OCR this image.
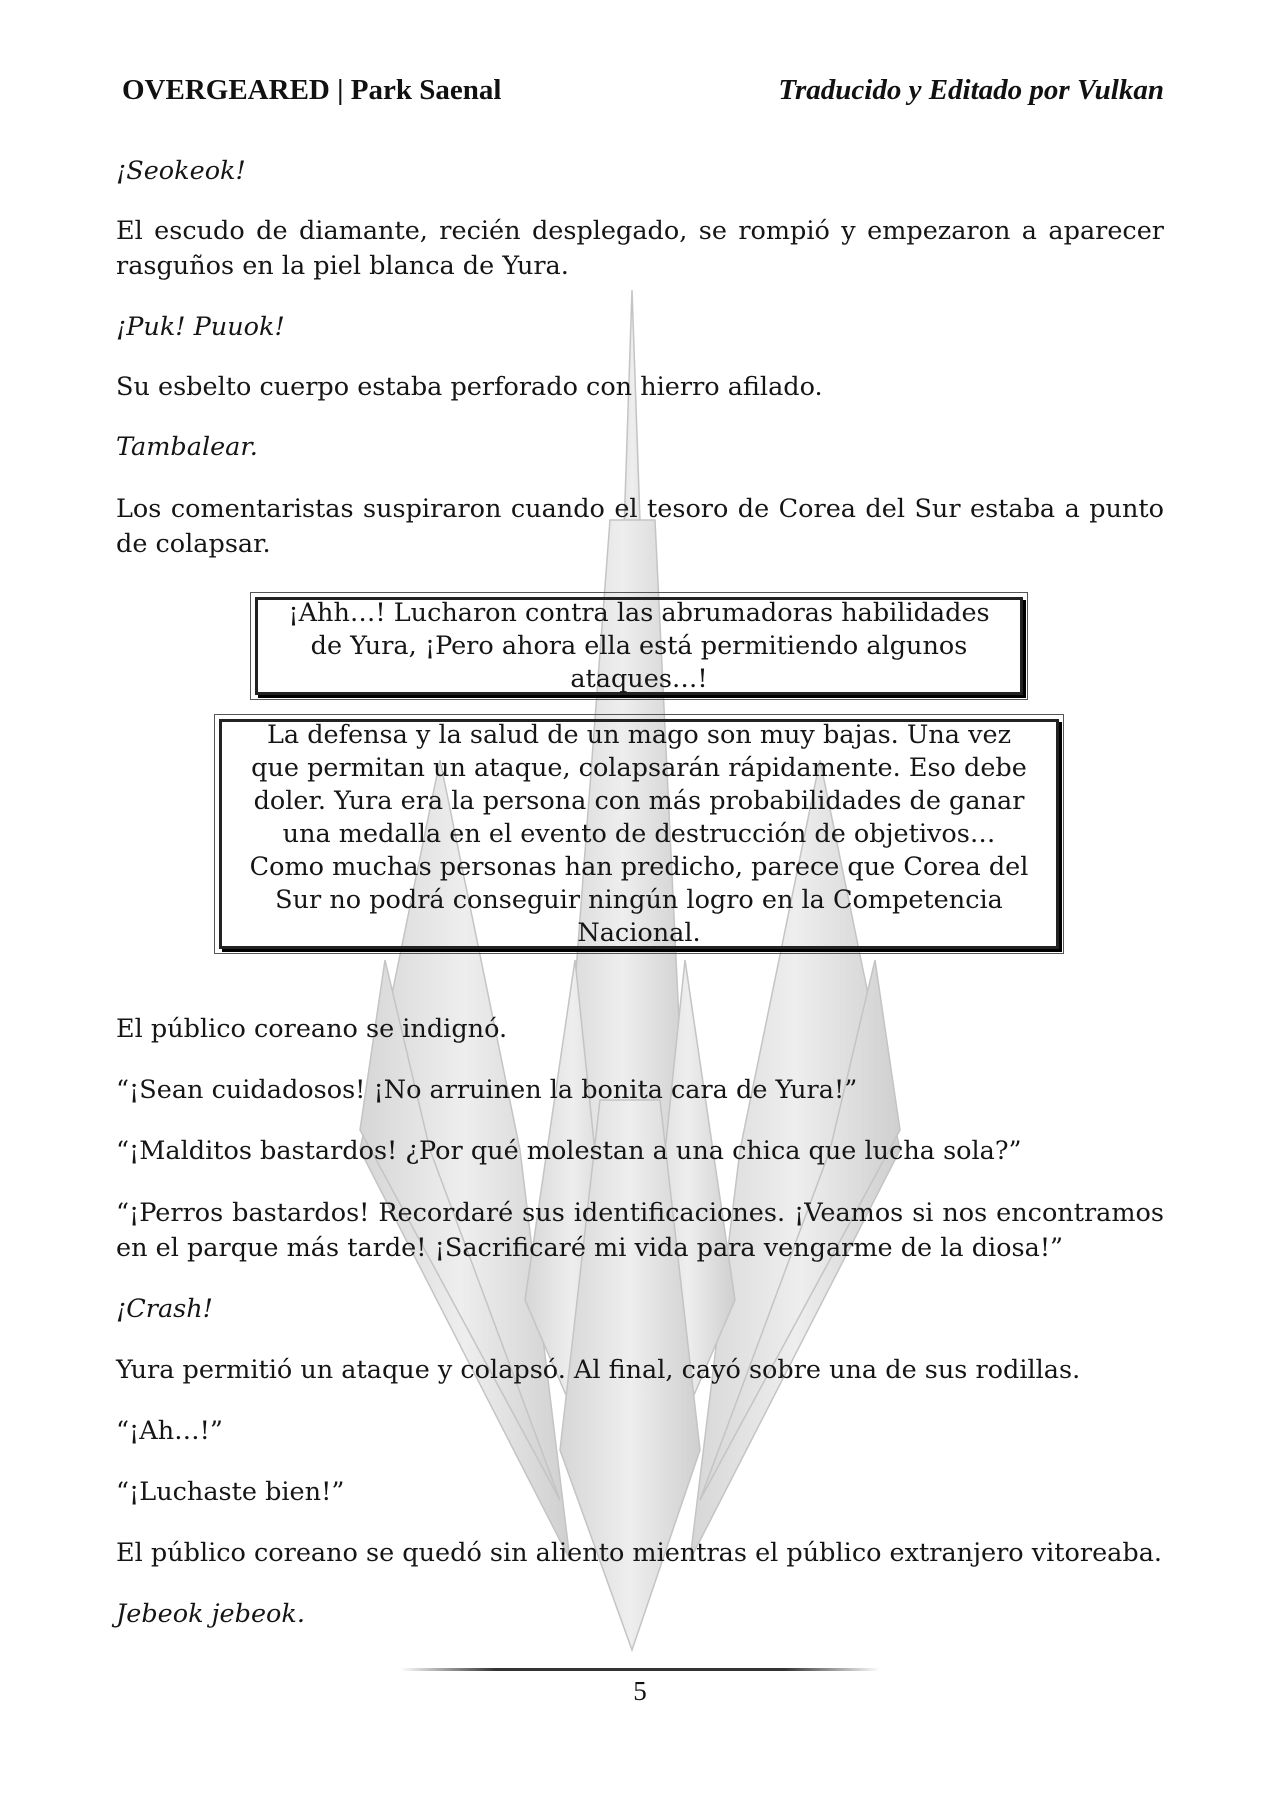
OVERGEARED | Park Saenal	Traducido y Editado por Vulkan

¡Seokeok!

El escudo de diamante, recién desplegado, se rompió y empezaron a aparecer rasguños en la piel blanca de Yura.

¡Puk! Puuok!

Su esbelto cuerpo estaba perforado con hierro afilado.

Tambalear.

Los comentaristas suspiraron cuando el tesoro de Corea del Sur estaba a punto de colapsar.

¡Ahh…! Lucharon contra las abrumadoras habilidades de Yura, ¡Pero ahora ella está permitiendo algunos ataques…!
La defensa y la salud de un mago son muy bajas. Una vez que permitan un ataque, colapsarán rápidamente. Eso debe doler. Yura era la persona con más probabilidades de ganar una medalla en el evento de destrucción de objetivos… Como muchas personas han predicho, parece que Corea del Sur no podrá conseguir ningún logro en la Competencia Nacional.

El público coreano se indignó.

“¡Sean cuidadosos! ¡No arruinen la bonita cara de Yura!”

“¡Malditos bastardos! ¿Por qué molestan a una chica que lucha sola?”

“¡Perros bastardos! Recordaré sus identificaciones. ¡Veamos si nos encontramos en el parque más tarde! ¡Sacrificaré mi vida para vengarme de la diosa!”

¡Crash!

Yura permitió un ataque y colapsó. Al final, cayó sobre una de sus rodillas.

“¡Ah…!”

“¡Luchaste bien!”

El público coreano se quedó sin aliento mientras el público extranjero vitoreaba.

Jebeok jebeok.

5
